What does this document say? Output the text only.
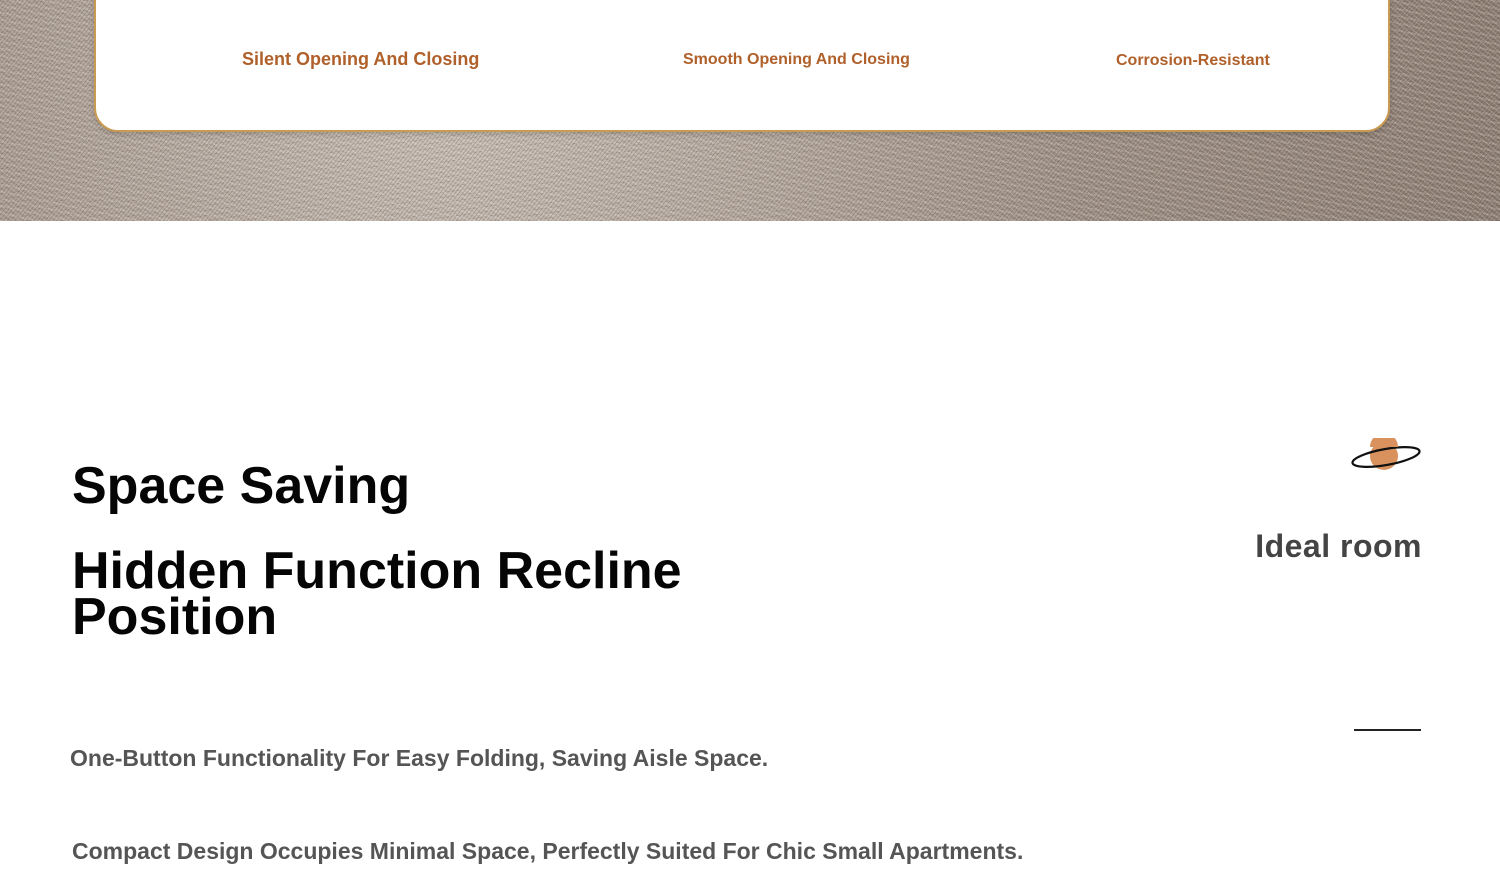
Silent Opening And Closing	Smooth Opening And Closing	Corrosion-Resistant
Space Saving
Hidden Function Recline Position

One-Button Functionality For Easy Folding, Saving Aisle Space.

Compact Design Occupies Minimal Space, Perfectly Suited For Chic Small Apartments.

Ideal room
